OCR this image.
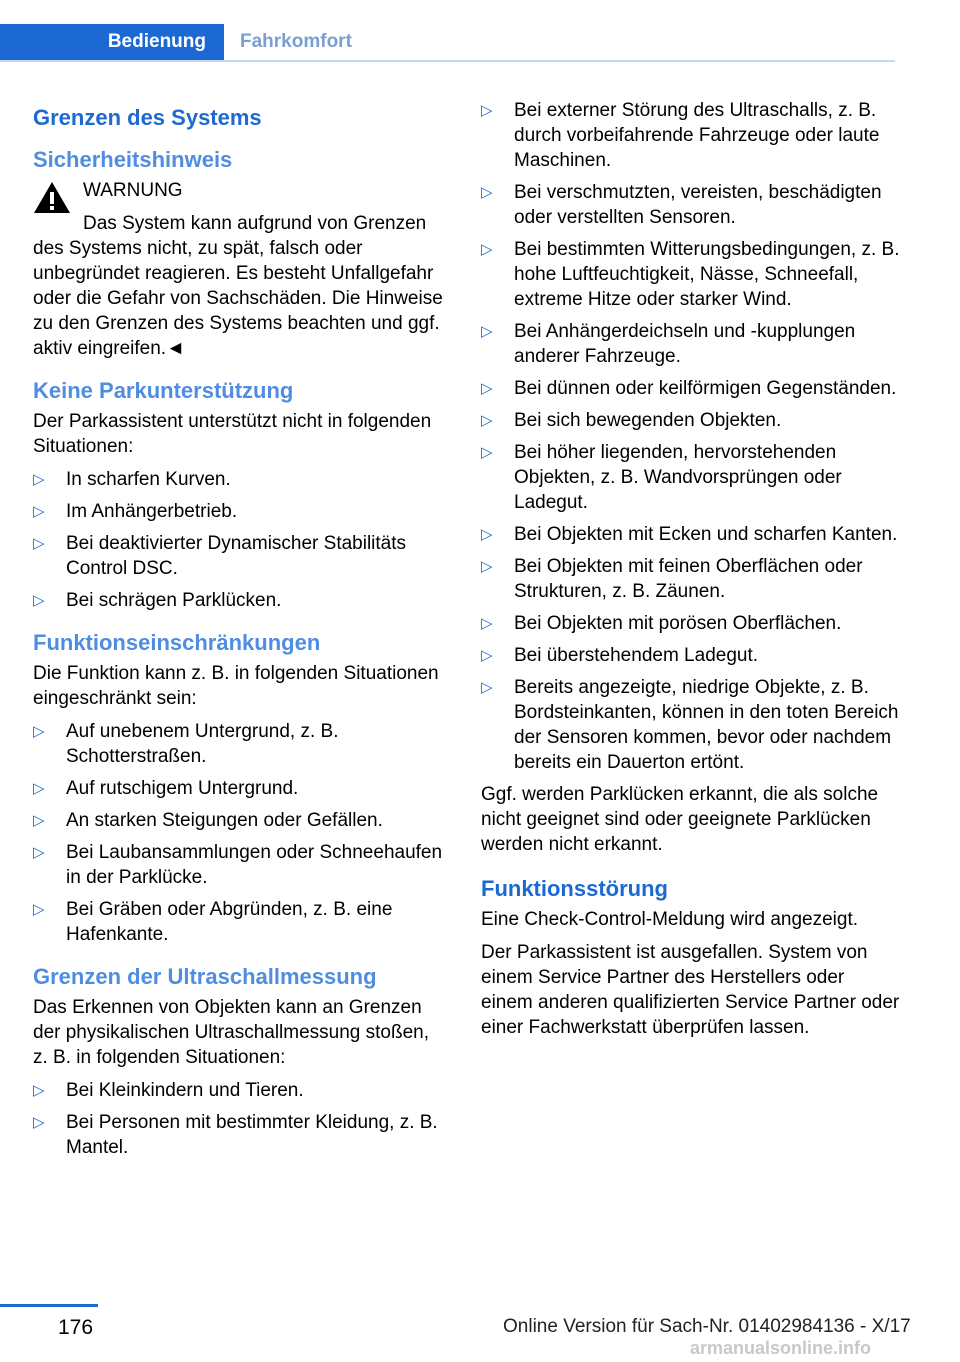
Bedienung	Fahrkomfort
Grenzen des Systems
Sicherheitshinweis
WARNUNG
Das System kann aufgrund von Grenzen des Systems nicht, zu spät, falsch oder unbegründet reagieren. Es besteht Unfallgefahr oder die Gefahr von Sachschäden. Die Hinweise zu den Grenzen des Systems beachten und ggf. aktiv eingreifen.◄
Keine Parkunterstützung

Der Parkassistent unterstützt nicht in folgenden Situationen:

▷ In scharfen Kurven.
▷ Im Anhängerbetrieb.
▷ Bei deaktivierter Dynamischer Stabilitäts Control DSC.
▷ Bei schrägen Parklücken.
Funktionseinschränkungen

Die Funktion kann z. B. in folgenden Situationen eingeschränkt sein:

▷ Auf unebenem Untergrund, z. B. Schotterstraßen.
▷ Auf rutschigem Untergrund.
▷ An starken Steigungen oder Gefällen.
▷ Bei Laubansammlungen oder Schneehaufen in der Parklücke.
▷ Bei Gräben oder Abgründen, z. B. eine Hafenkante.
Grenzen der Ultraschallmessung

Das Erkennen von Objekten kann an Grenzen der physikalischen Ultraschallmessung stoßen, z. B. in folgenden Situationen:

▷ Bei Kleinkindern und Tieren.
▷ Bei Personen mit bestimmter Kleidung, z. B. Mantel.
▷ Bei externer Störung des Ultraschalls, z. B. durch vorbeifahrende Fahrzeuge oder laute Maschinen.
▷ Bei verschmutzten, vereisten, beschädigten oder verstellten Sensoren.
▷ Bei bestimmten Witterungsbedingungen, z. B. hohe Luftfeuchtigkeit, Nässe, Schneefall, extreme Hitze oder starker Wind.
▷ Bei Anhängerdeichseln und -kupplungen anderer Fahrzeuge.
▷ Bei dünnen oder keilförmigen Gegenständen.
▷ Bei sich bewegenden Objekten.
▷ Bei höher liegenden, hervorstehenden Objekten, z. B. Wandvorsprüngen oder Ladegut.
▷ Bei Objekten mit Ecken und scharfen Kanten.
▷ Bei Objekten mit feinen Oberflächen oder Strukturen, z. B. Zäunen.
▷ Bei Objekten mit porösen Oberflächen.
▷ Bei überstehendem Ladegut.
▷ Bereits angezeigte, niedrige Objekte, z. B. Bordsteinkanten, können in den toten Bereich der Sensoren kommen, bevor oder nachdem bereits ein Dauerton ertönt.

Ggf. werden Parklücken erkannt, die als solche nicht geeignet sind oder geeignete Parklücken werden nicht erkannt.

Funktionsstörung

Eine Check-Control-Meldung wird angezeigt.

Der Parkassistent ist ausgefallen. System von einem Service Partner des Herstellers oder einem anderen qualifizierten Service Partner oder einer Fachwerkstatt überprüfen lassen.

176	Online Version für Sach-Nr. 01402984136 - X/17
armanualsonline.info
